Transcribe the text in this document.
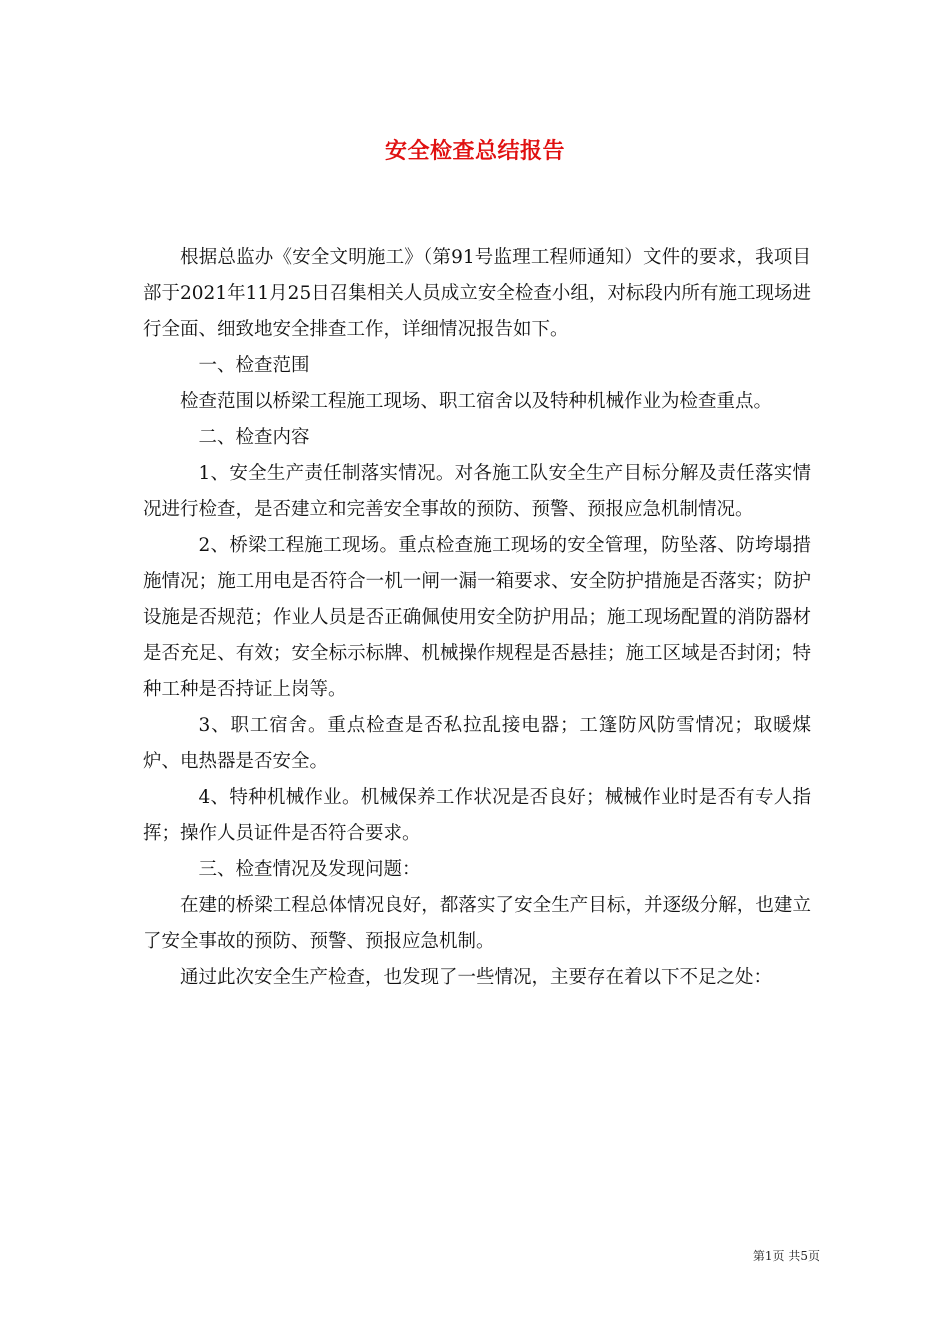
安全检查总结报告

根据总监办《安全文明施工》（第91号监理工程师通知）文件的要求，我项目部于2021年11月25日召集相关人员成立安全检查小组，对标段内所有施工现场进行全面、细致地安全排查工作，详细情况报告如下。

一、检查范围

检查范围以桥梁工程施工现场、职工宿舍以及特种机械作业为检查重点。

二、检查内容

1、安全生产责任制落实情况。对各施工队安全生产目标分解及责任落实情况进行检查，是否建立和完善安全事故的预防、预警、预报应急机制情况。

2、桥梁工程施工现场。重点检查施工现场的安全管理，防坠落、防垮塌措施情况；施工用电是否符合一机一闸一漏一箱要求、安全防护措施是否落实；防护设施是否规范；作业人员是否正确佩使用安全防护用品；施工现场配置的消防器材是否充足、有效；安全标示标牌、机械操作规程是否悬挂；施工区域是否封闭；特种工种是否持证上岗等。

3、职工宿舍。重点检查是否私拉乱接电器；工篷防风防雪情况；取暖煤炉、电热器是否安全。

4、特种机械作业。机械保养工作状况是否良好；械械作业时是否有专人指挥；操作人员证件是否符合要求。

三、检查情况及发现问题：

在建的桥梁工程总体情况良好，都落实了安全生产目标，并逐级分解，也建立了安全事故的预防、预警、预报应急机制。

通过此次安全生产检查，也发现了一些情况，主要存在着以下不足之处：

第1页 共5页
